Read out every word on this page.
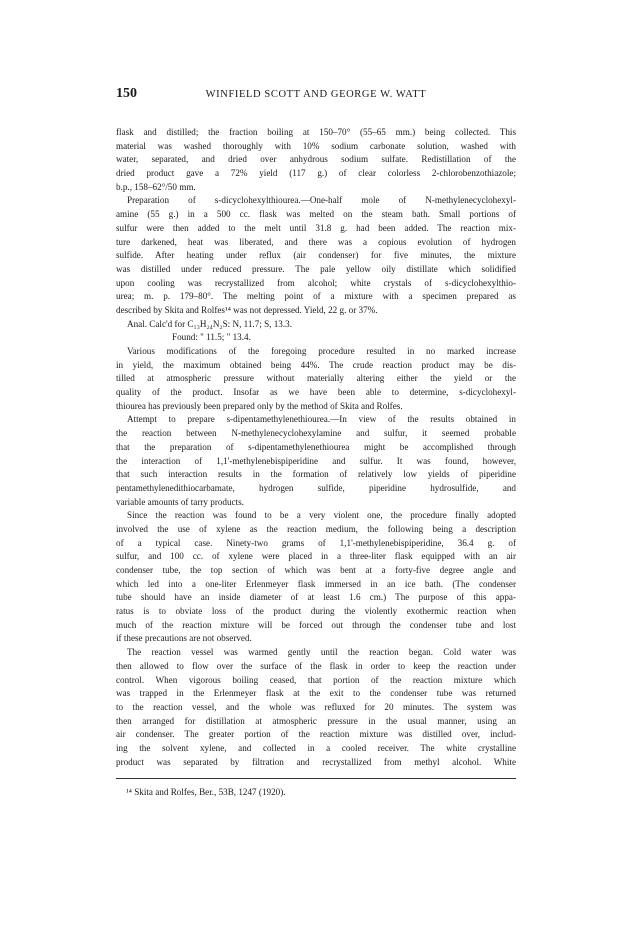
150	WINFIELD SCOTT AND GEORGE W. WATT
flask and distilled; the fraction boiling at 150–70° (55–65 mm.) being collected. This
material was washed thoroughly with 10% sodium carbonate solution, washed with
water, separated, and dried over anhydrous sodium sulfate. Redistillation of the
dried product gave a 72% yield (117 g.) of clear colorless 2-chlorobenzothiazole;
b.p., 158–62°/50 mm.
Preparation of s-dicyclohexylthiourea.—One-half mole of N-methylenecyclohexyl-
amine (55 g.) in a 500 cc. flask was melted on the steam bath. Small portions of
sulfur were then added to the melt until 31.8 g. had been added. The reaction mix-
ture darkened, heat was liberated, and there was a copious evolution of hydrogen
sulfide. After heating under reflux (air condenser) for five minutes, the mixture
was distilled under reduced pressure. The pale yellow oily distillate which solidified
upon cooling was recrystallized from alcohol; white crystals of s-dicyclohexylthio-
urea; m. p. 179–80°. The melting point of a mixture with a specimen prepared as
described by Skita and Rolfes¹⁴ was not depressed. Yield, 22 g. or 37%.
Anal. Calc'd for C₁₃H₂₄N₂S: N, 11.7; S, 13.3.
Found: " 11.5; " 13.4.
Various modifications of the foregoing procedure resulted in no marked increase
in yield, the maximum obtained being 44%. The crude reaction product may be dis-
tilled at atmospheric pressure without materially altering either the yield or the
quality of the product. Insofar as we have been able to determine, s-dicyclohexyl-
thiourea has previously been prepared only by the method of Skita and Rolfes.
Attempt to prepare s-dipentamethylenethiourea.—In view of the results obtained in
the reaction between N-methylenecyclohexylamine and sulfur, it seemed probable
that the preparation of s-dipentamethylenethiourea might be accomplished through
the interaction of 1,1'-methylenebispiperidine and sulfur. It was found, however,
that such interaction results in the formation of relatively low yields of piperidine
pentamethylenedithiocarbamate, hydrogen sulfide, piperidine hydrosulfide, and
variable amounts of tarry products.
Since the reaction was found to be a very violent one, the procedure finally adopted
involved the use of xylene as the reaction medium, the following being a description
of a typical case. Ninety-two grams of 1,1'-methylenebispiperidine, 36.4 g. of
sulfur, and 100 cc. of xylene were placed in a three-liter flask equipped with an air
condenser tube, the top section of which was bent at a forty-five degree angle and
which led into a one-liter Erlenmeyer flask immersed in an ice bath. (The condenser
tube should have an inside diameter of at least 1.6 cm.) The purpose of this appa-
ratus is to obviate loss of the product during the violently exothermic reaction when
much of the reaction mixture will be forced out through the condenser tube and lost
if these precautions are not observed.
The reaction vessel was warmed gently until the reaction began. Cold water was
then allowed to flow over the surface of the flask in order to keep the reaction under
control. When vigorous boiling ceased, that portion of the reaction mixture which
was trapped in the Erlenmeyer flask at the exit to the condenser tube was returned
to the reaction vessel, and the whole was refluxed for 20 minutes. The system was
then arranged for distillation at atmospheric pressure in the usual manner, using an
air condenser. The greater portion of the reaction mixture was distilled over, includ-
ing the solvent xylene, and collected in a cooled receiver. The white crystalline
product was separated by filtration and recrystallized from methyl alcohol. White
¹⁴ Skita and Rolfes, Ber., 53B, 1247 (1920).
